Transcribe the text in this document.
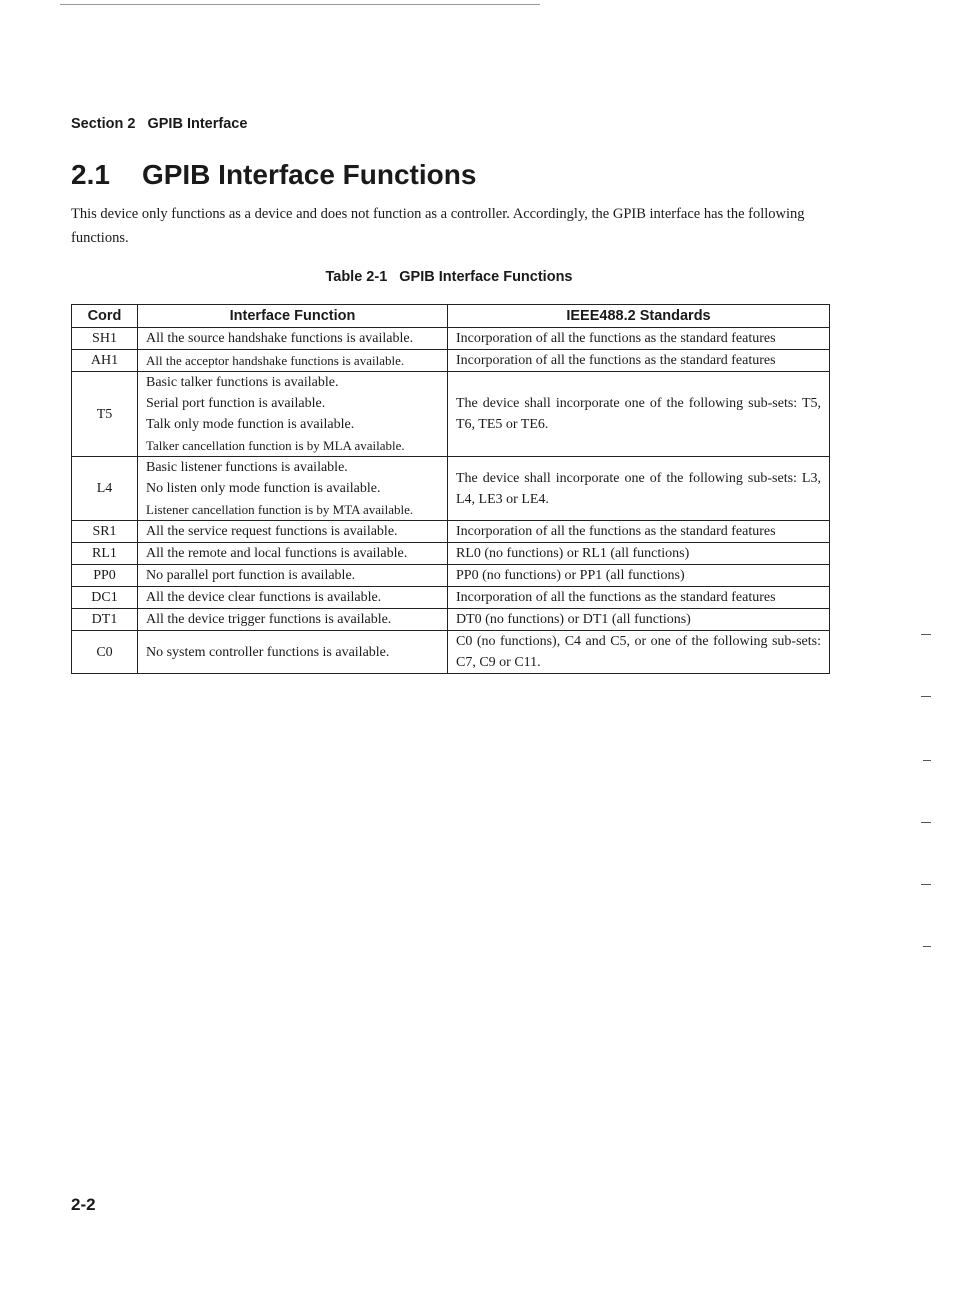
Section 2 GPIB Interface
2.1 GPIB Interface Functions

This device only functions as a device and does not function as a controller. Accordingly, the GPIB interface has the following functions.

Table 2-1 GPIB Interface Functions
Cord	Interface Function	IEEE488.2 Standards
SH1	All the source handshake functions is available.	Incorporation of all the functions as the standard features
AH1	All the acceptor handshake functions is available.	Incorporation of all the functions as the standard features
T5	Basic talker functions is available.
Serial port function is available.
Talk only mode function is available.
Talker cancellation function is by MLA available.	The device shall incorporate one of the following sub-sets: T5, T6, TE5 or TE6.
L4	Basic listener functions is available.
No listen only mode function is available.
Listener cancellation function is by MTA available.	The device shall incorporate one of the following sub-sets: L3, L4, LE3 or LE4.
SR1	All the service request functions is available.	Incorporation of all the functions as the standard features
RL1	All the remote and local functions is available.	RL0 (no functions) or RL1 (all functions)
PP0	No parallel port function is available.	PP0 (no functions) or PP1 (all functions)
DC1	All the device clear functions is available.	Incorporation of all the functions as the standard features
DT1	All the device trigger functions is available.	DT0 (no functions) or DT1 (all functions)
C0	No system controller functions is available.	C0 (no functions), C4 and C5, or one of the following sub-sets: C7, C9 or C11.
2-2
